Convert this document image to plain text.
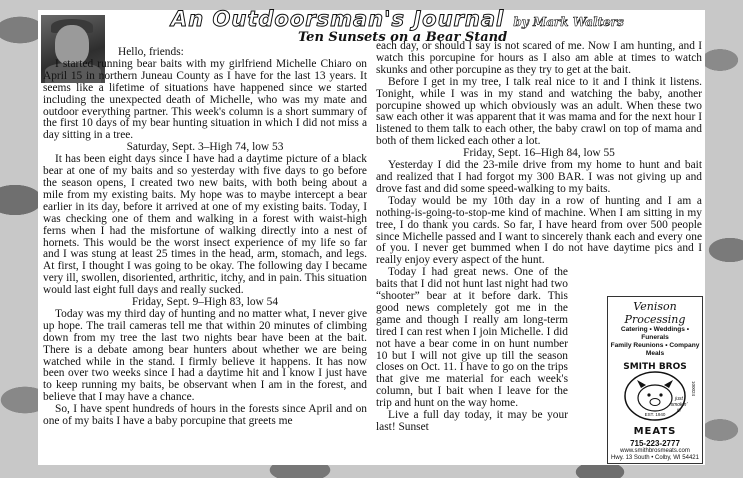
An Outdoorsman's Journal by Mark Walters
Ten Sunsets on a Bear Stand

Hello, friends:

I started running bear baits with my girlfriend Michelle Chiaro on April 15 in northern Juneau County as I have for the last 13 years. It seems like a lifetime of situations have happened since we started including the unexpected death of Michelle, who was my mate and outdoor everything partner. This week's column is a short summary of the first 10 days of my bear hunting situation in which I did not miss a day sitting in a tree.

Saturday, Sept. 3–High 74, low 53

It has been eight days since I have had a daytime picture of a black bear at one of my baits and so yesterday with five days to go before the season opens, I created two new baits, with both being about a mile from my existing baits. My hope was to maybe intercept a bear earlier in its day, before it arrived at one of my existing baits. Today, I was checking one of them and walking in a forest with waist-high ferns when I had the misfortune of walking directly into a nest of hornets. This would be the worst insect experience of my life so far and I was stung at least 25 times in the head, arm, stomach, and legs. At first, I thought I was going to be okay. The following day I became very ill, swollen, disoriented, arthritic, itchy, and in pain. This situation would last eight full days and really sucked.

Friday, Sept. 9–High 83, low 54

Today was my third day of hunting and no matter what, I never give up hope. The trail cameras tell me that within 20 minutes of climbing down from my tree the last two nights bear have been at the bait. There is a debate among bear hunters about whether we are being watched while in the stand. I firmly believe it happens. It has now been over two weeks since I had a daytime hit and I know I just have to keep running my baits, be observant when I am in the forest, and believe that I may have a chance.

So, I have spent hundreds of hours in the forests since April and on one of my baits I have a baby porcupine that greets me

each day, or should I say is not scared of me. Now I am hunting, and I watch this porcupine for hours as I also am able at times to watch skunks and other porcupine as they try to get at the bait.

Before I get in my tree, I talk real nice to it and I think it listens. Tonight, while I was in my stand and watching the baby, another porcupine showed up which obviously was an adult. When these two saw each other it was apparent that it was mama and for the next hour I listened to them talk to each other, the baby crawl on top of mama and both of them licked each other a lot.

Friday, Sept. 16–High 84, low 55

Yesterday I did the 23-mile drive from my home to hunt and bait and realized that I had forgot my 300 BAR. I was not giving up and drove fast and did some speed-walking to my baits.

Today would be my 10th day in a row of hunting and I am a nothing-is-going-to-stop-me kind of machine. When I am sitting in my tree, I do thank you cards. So far, I have heard from over 500 people since Michelle passed and I want to sincerely thank each and every one of you. I never get bummed when I do not have daytime pics and I really enjoy every aspect of the hunt.

Today I had great news. One of the baits that I did not hunt last night had two “shooter” bear at it before dark. This good news completely got me in the game and though I really am long-term tired I can rest when I join Michelle. I did not have a bear come in on hunt number 10 but I will not give up till the season closes on Oct. 11. I have to go on the trips that give me material for each week's column, but I bait when I leave for the trip and hunt on the way home.

Live a full day today, it may be your last! Sunset

Venison Processing
Catering • Weddings • Funerals
Family Reunions • Company Meals
SMITH BROS
just smokin' it!
EST. 1940
100024
MEATS
715-223-2777
www.smithbrosmeats.com
Hwy. 13 South • Colby, WI 54421
